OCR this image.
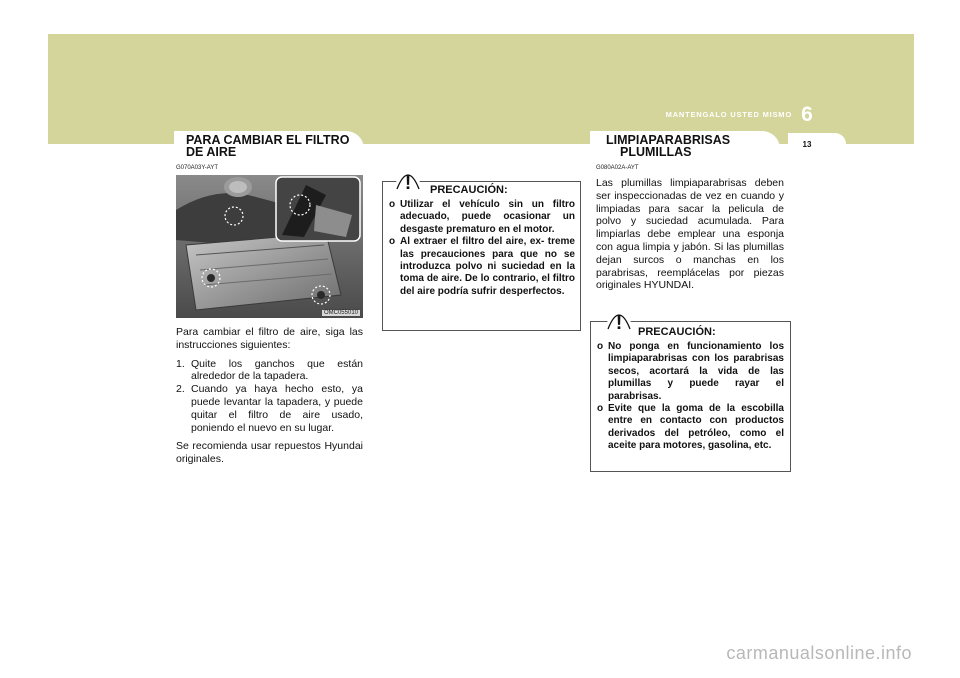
MANTENGALO USTED MISMO 6
13
PARA CAMBIAR EL FILTRO
DE AIRE
G070A03Y-AYT
OMC055010

Para cambiar el filtro de aire, siga las instrucciones siguientes:

1. Quite los ganchos que están alrededor de la tapadera.
2. Cuando ya haya hecho esto, ya puede levantar la tapadera, y puede quitar el filtro de aire usado, poniendo el nuevo en su lugar.

Se recomienda usar repuestos Hyundai originales.

! PRECAUCIÓN:
o Utilizar el vehículo sin un filtro adecuado, puede ocasionar un desgaste prematuro en el motor.
o Al extraer el filtro del aire, ex- treme las precauciones para que no se introduzca polvo ni suciedad en la toma de aire. De lo contrario, el filtro del aire podría sufrir desperfectos.
LIMPIAPARABRISAS
PLUMILLAS
G080A02A-AYT

Las plumillas limpiaparabrisas deben ser inspeccionadas de vez en cuando y limpiadas para sacar la pelicula de polvo y suciedad acumulada. Para limpiarlas debe emplear una esponja con agua limpia y jabón. Si las plumillas dejan surcos o manchas en los parabrisas, reemplácelas por piezas originales HYUNDAI.

! PRECAUCIÓN:
o No ponga en funcionamiento los limpiaparabrisas con los parabrisas secos, acortará la vida de las plumillas y puede rayar el parabrisas.
o Evite que la goma de la escobilla entre en contacto con productos derivados del petróleo, como el aceite para motores, gasolina, etc.
carmanualsonline.info
